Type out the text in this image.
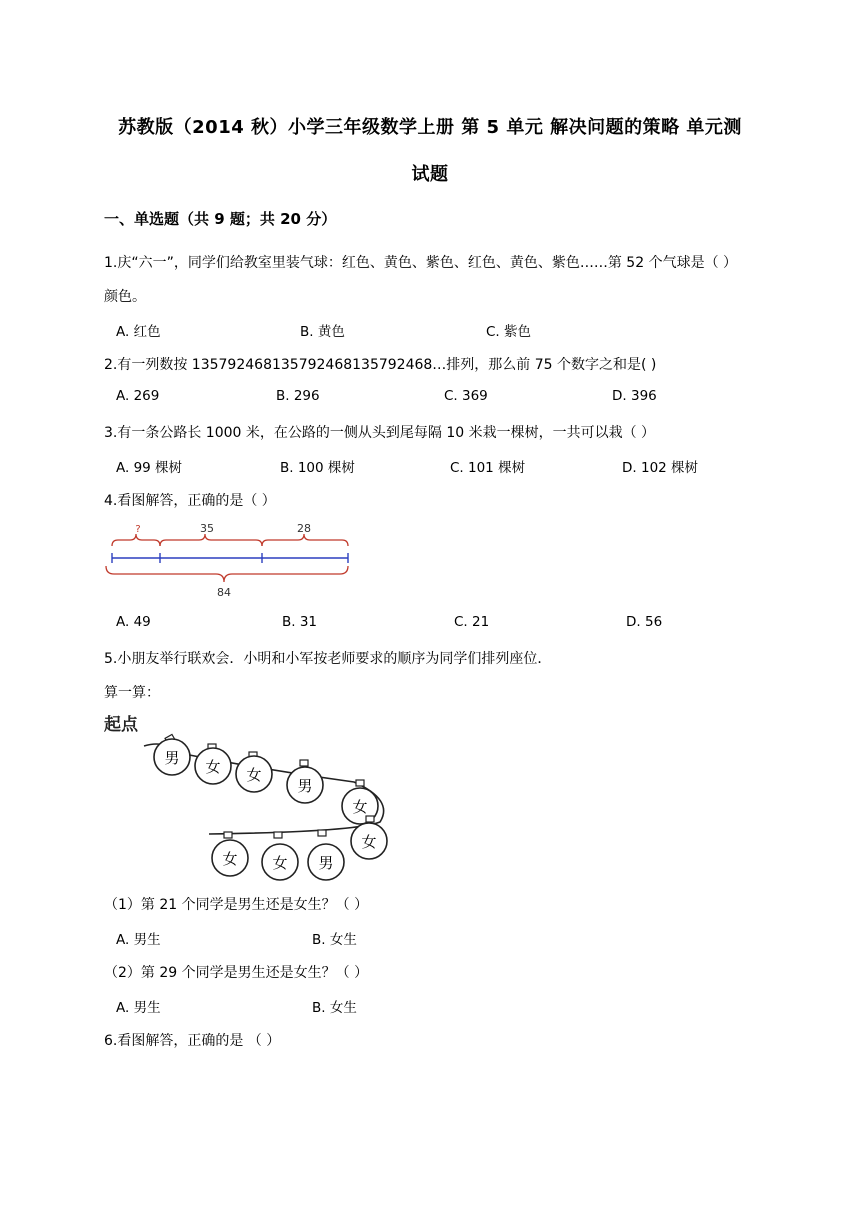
苏教版（2014 秋）小学三年级数学上册 第 5 单元 解决问题的策略 单元测
试题
一、单选题（共 9 题；共 20 分）
1.庆“六一”，同学们给教室里装气球：红色、黄色、紫色、红色、黄色、紫色……第 52 个气球是（ ）
颜色。
A. 红色	B. 黄色	C. 紫色
2.有一列数按 13579246813579246813579246​8…排列，那么前 75 个数字之和是( )
A. 269	B. 296	C. 369	D. 396
3.有一条公路长 1000 米，在公路的一侧从头到尾每隔 10 米栽一棵树，一共可以栽（ ）
A. 99 棵树	B. 100 棵树	C. 101 棵树	D. 102 棵树
4.看图解答，正确的是（ ）
?	35	28
84
A. 49	B. 31	C. 21	D. 56
5.小朋友举行联欢会．小明和小军按老师要求的顺序为同学们排列座位．
算一算：
起点
男 女 女
男
女
女
男
女
女
（1）第 21 个同学是男生还是女生？（ ）
A. 男生	B. 女生
（2）第 29 个同学是男生还是女生？（ ）
A. 男生	B. 女生
6.看图解答，正确的是 （ ）
